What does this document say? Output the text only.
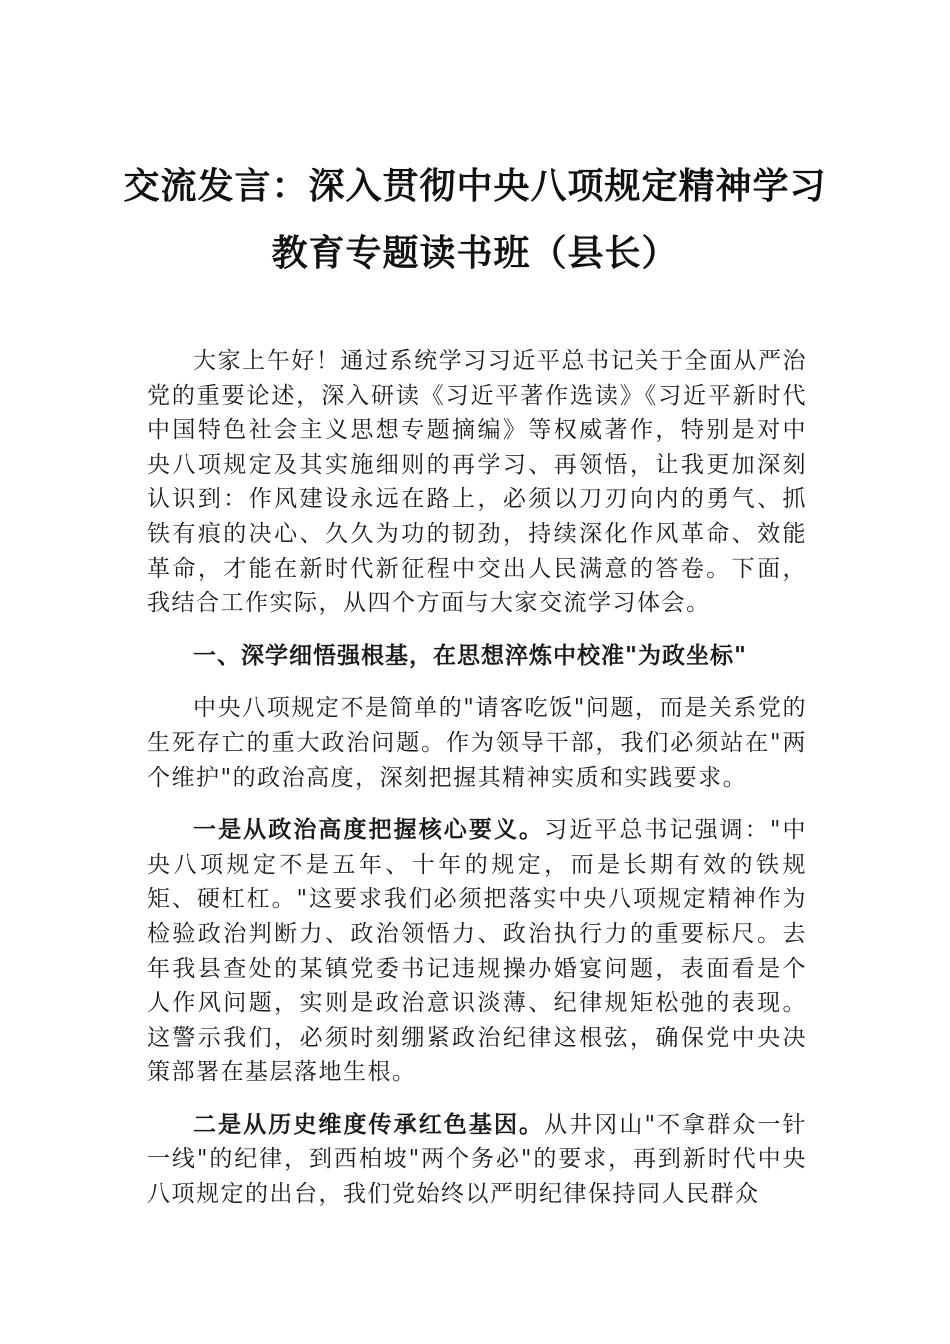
交流发言：深入贯彻中央八项规定精神学习
教育专题读书班（县长）

大家上午好！通过系统学习习近平总书记关于全面从严治党的重要论述，深入研读《习近平著作选读》《习近平新时代中国特色社会主义思想专题摘编》等权威著作，特别是对中央八项规定及其实施细则的再学习、再领悟，让我更加深刻认识到：作风建设永远在路上，必须以刀刃向内的勇气、抓铁有痕的决心、久久为功的韧劲，持续深化作风革命、效能革命，才能在新时代新征程中交出人民满意的答卷。下面，我结合工作实际，从四个方面与大家交流学习体会。

一、深学细悟强根基，在思想淬炼中校准"为政坐标"

中央八项规定不是简单的"请客吃饭"问题，而是关系党的生死存亡的重大政治问题。作为领导干部，我们必须站在"两个维护"的政治高度，深刻把握其精神实质和实践要求。

一是从政治高度把握核心要义。习近平总书记强调："中央八项规定不是五年、十年的规定，而是长期有效的铁规矩、硬杠杠。"这要求我们必须把落实中央八项规定精神作为检验政治判断力、政治领悟力、政治执行力的重要标尺。去年我县查处的某镇党委书记违规操办婚宴问题，表面看是个人作风问题，实则是政治意识淡薄、纪律规矩松弛的表现。这警示我们，必须时刻绷紧政治纪律这根弦，确保党中央决策部署在基层落地生根。

二是从历史维度传承红色基因。从井冈山"不拿群众一针一线"的纪律，到西柏坡"两个务必"的要求，再到新时代中央八项规定的出台，我们党始终以严明纪律保持同人民群众
